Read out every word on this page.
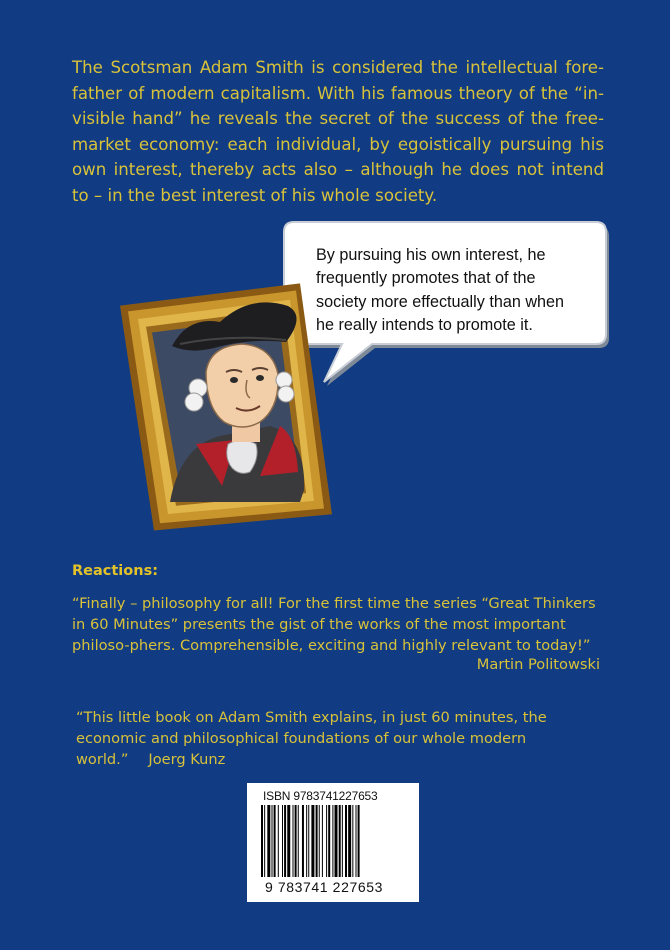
The Scotsman Adam Smith is considered the intellectual fore-father of modern capitalism. With his famous theory of the “in-visible hand” he reveals the secret of the success of the free-market economy: each individual, by egoistically pursuing his own interest, thereby acts also – although he does not intend to – in the best interest of his whole society.

By pursuing his own interest, he frequently promotes that of the society more effectually than when he really intends to promote it.

Reactions:

“Finally – philosophy for all! For the first time the series “Great Thinkers in 60 Minutes” presents the gist of the works of the most important philoso-phers. Comprehensible, exciting and highly relevant to today!”

Martin Politowski

“This little book on Adam Smith explains, in just 60 minutes, the economic and philosophical foundations of our whole modern world.” Joerg Kunz

ISBN 9783741227653

9 783741 227653
